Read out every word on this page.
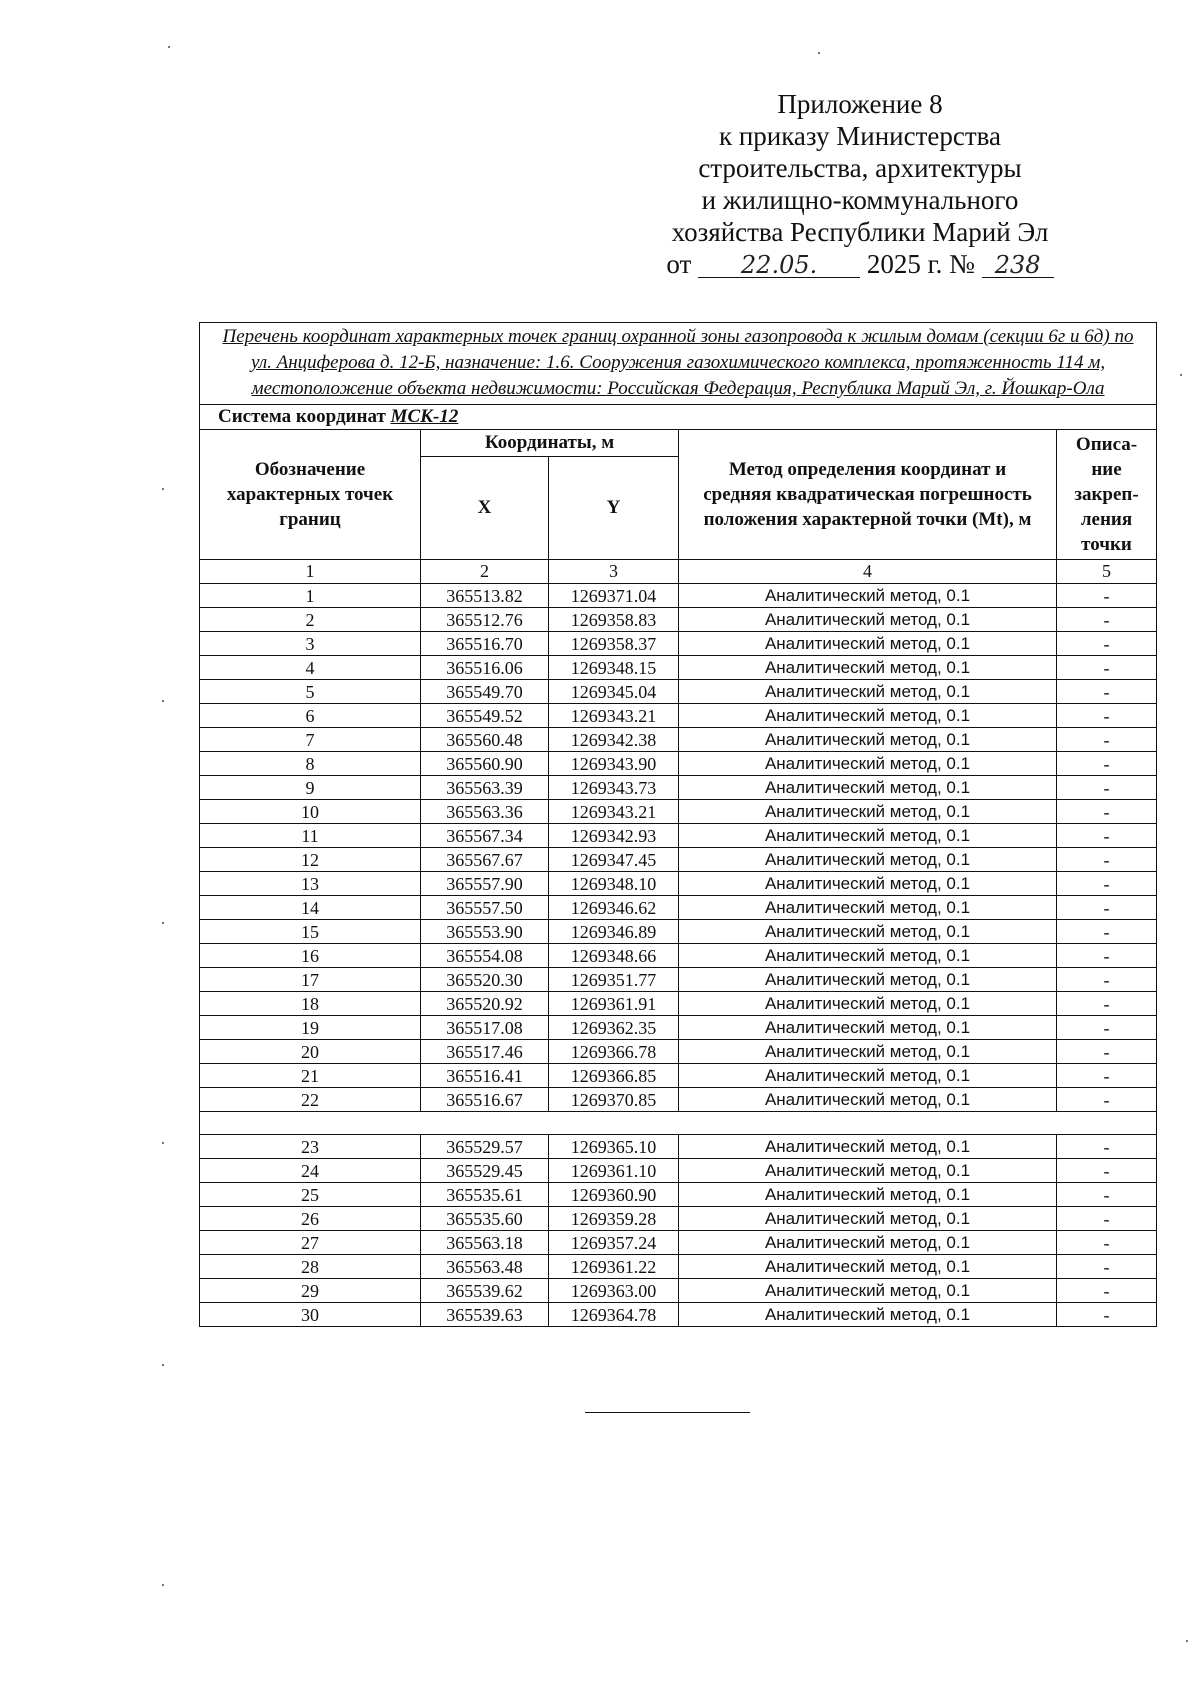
Приложение 8
к приказу Министерства
строительства, архитектуры
и жилищно-коммунального
хозяйства Республики Марий Эл
от 22.05. 2025 г. № 238
Перечень координат характерных точек границ охранной зоны газопровода к жилым домам (секции 6г и 6д) по ул. Анциферова д. 12-Б, назначение: 1.6. Сооружения газохимического комплекса, протяженность 114 м, местоположение объекта недвижимости: Российская Федерация, Республика Марий Эл, г. Йошкар-Ола				
Система координат МСК-12				
Обозначение характерных точек границ	Координаты, м		Метод определения координат и средняя квадратическая погрешность положения характерной точки (Mt), м	Описа-ние закреп-ления точки
	X	Y		
1	2	3	4	5
1	365513.82	1269371.04	Аналитический метод, 0.1	-
2	365512.76	1269358.83	Аналитический метод, 0.1	-
3	365516.70	1269358.37	Аналитический метод, 0.1	-
4	365516.06	1269348.15	Аналитический метод, 0.1	-
5	365549.70	1269345.04	Аналитический метод, 0.1	-
6	365549.52	1269343.21	Аналитический метод, 0.1	-
7	365560.48	1269342.38	Аналитический метод, 0.1	-
8	365560.90	1269343.90	Аналитический метод, 0.1	-
9	365563.39	1269343.73	Аналитический метод, 0.1	-
10	365563.36	1269343.21	Аналитический метод, 0.1	-
11	365567.34	1269342.93	Аналитический метод, 0.1	-
12	365567.67	1269347.45	Аналитический метод, 0.1	-
13	365557.90	1269348.10	Аналитический метод, 0.1	-
14	365557.50	1269346.62	Аналитический метод, 0.1	-
15	365553.90	1269346.89	Аналитический метод, 0.1	-
16	365554.08	1269348.66	Аналитический метод, 0.1	-
17	365520.30	1269351.77	Аналитический метод, 0.1	-
18	365520.92	1269361.91	Аналитический метод, 0.1	-
19	365517.08	1269362.35	Аналитический метод, 0.1	-
20	365517.46	1269366.78	Аналитический метод, 0.1	-
21	365516.41	1269366.85	Аналитический метод, 0.1	-
22	365516.67	1269370.85	Аналитический метод, 0.1	-

23	365529.57	1269365.10	Аналитический метод, 0.1	-
24	365529.45	1269361.10	Аналитический метод, 0.1	-
25	365535.61	1269360.90	Аналитический метод, 0.1	-
26	365535.60	1269359.28	Аналитический метод, 0.1	-
27	365563.18	1269357.24	Аналитический метод, 0.1	-
28	365563.48	1269361.22	Аналитический метод, 0.1	-
29	365539.62	1269363.00	Аналитический метод, 0.1	-
30	365539.63	1269364.78	Аналитический метод, 0.1	-
